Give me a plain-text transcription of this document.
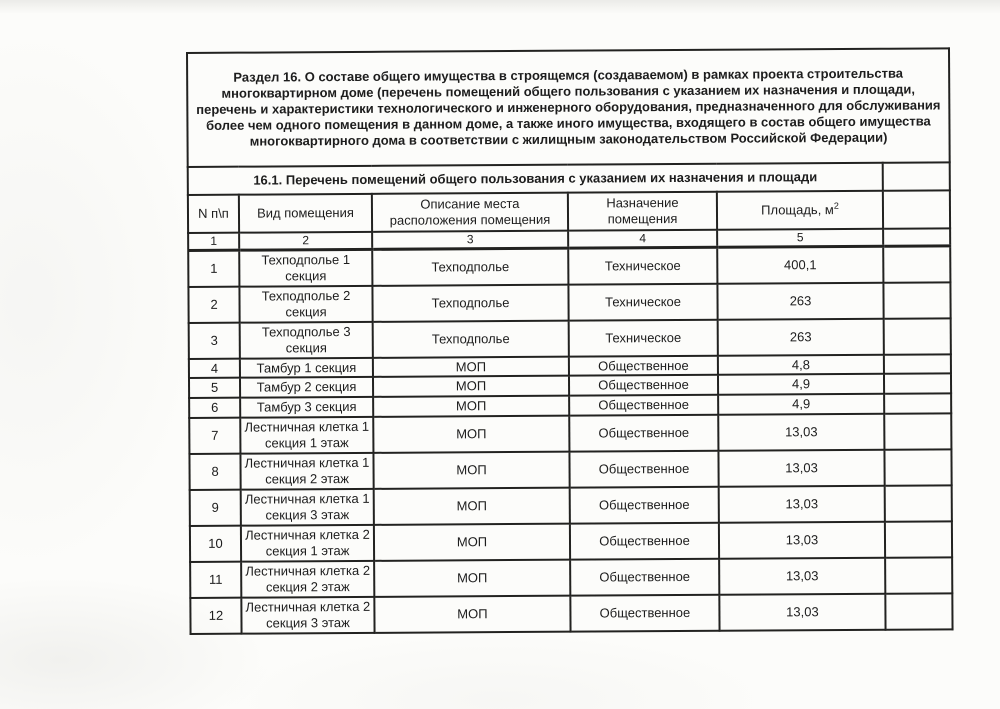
Раздел 16. О составе общего имущества в строящемся (создаваемом) в рамках проекта строительства многоквартирном доме (перечень помещений общего пользования с указанием их назначения и площади, перечень и характеристики технологического и инженерного оборудования, предназначенного для обслуживания более чем одного помещения в данном доме, а также иного имущества, входящего в состав общего имущества многоквартирного дома в соответствии с жилищным законодательством Российской Федерации)					
16.1. Перечень помещений общего пользования с указанием их назначения и площади					
N п\п	Вид помещения	Описание места расположения помещения	Назначение помещения	Площадь, $м^2$	
1	2	3	4	5	
1	Техподполье 1 секция	Техподполье	Техническое	400,1	
2	Техподполье 2 секция	Техподполье	Техническое	263	
3	Техподполье 3 секция	Техподполье	Техническое	263	
4	Тамбур 1 секция	МОП	Общественное	4,8	
5	Тамбур 2 секция	МОП	Общественное	4,9	
6	Тамбур 3 секция	МОП	Общественное	4,9	
7	Лестничная клетка 1 секция 1 этаж	МОП	Общественное	13,03	
8	Лестничная клетка 1 секция 2 этаж	МОП	Общественное	13,03	
9	Лестничная клетка 1 секция 3 этаж	МОП	Общественное	13,03	
10	Лестничная клетка 2 секция 1 этаж	МОП	Общественное	13,03	
11	Лестничная клетка 2 секция 2 этаж	МОП	Общественное	13,03	
12	Лестничная клетка 2 секция 3 этаж	МОП	Общественное	13,03	
